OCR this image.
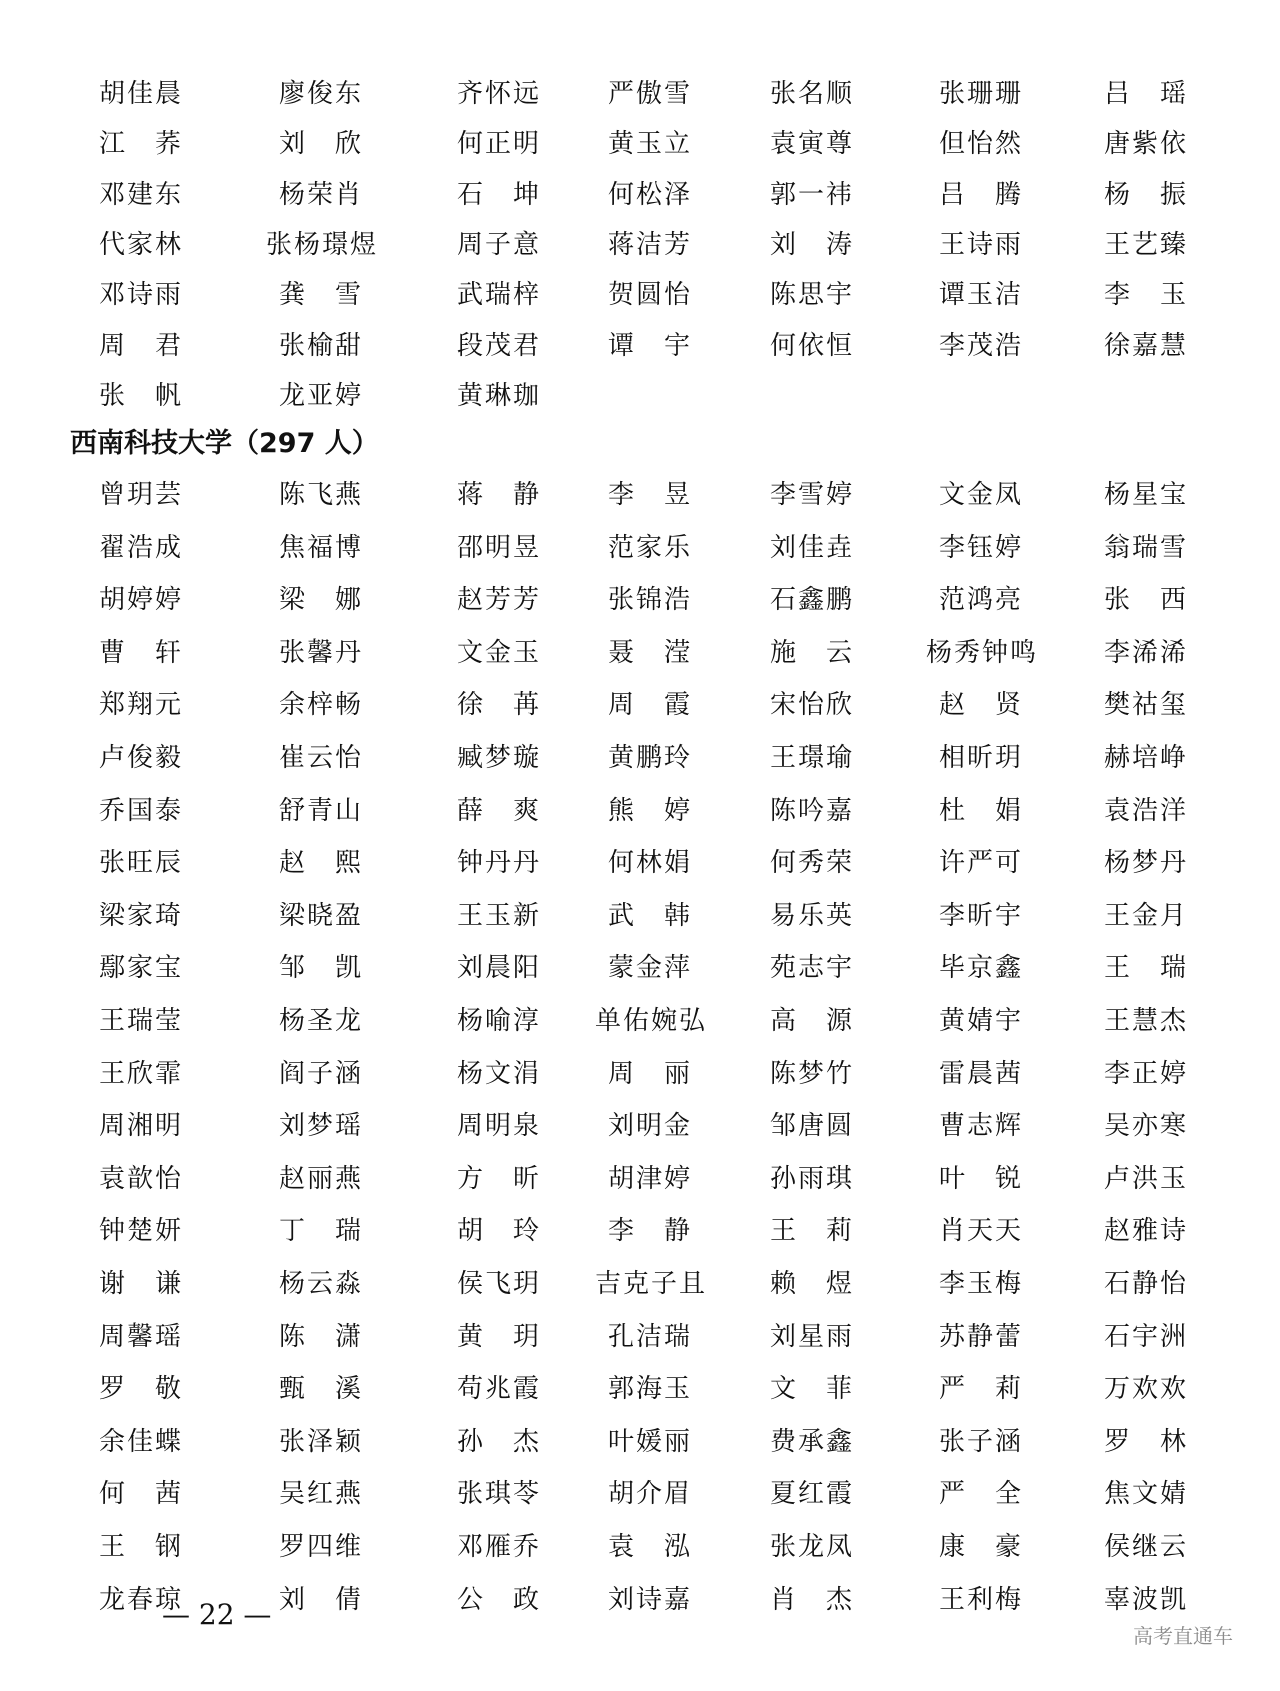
胡佳晨	廖俊东	齐怀远	严傲雪	张名顺	张珊珊	吕瑶
江荞	刘欣	何正明	黄玉立	袁寅尊	但怡然	唐紫依
邓建东	杨荣肖	石坤	何松泽	郭一祎	吕腾	杨振
代家林	张杨璟煜	周子意	蒋洁芳	刘涛	王诗雨	王艺臻
邓诗雨	龚雪	武瑞梓	贺圆怡	陈思宇	谭玉洁	李玉
周君	张榆甜	段茂君	谭宇	何依恒	李茂浩	徐嘉慧
张帆	龙亚婷	黄琳珈
曾玥芸	陈飞燕	蒋静	李昱	李雪婷	文金凤	杨星宝
翟浩成	焦福博	邵明昱	范家乐	刘佳垚	李钰婷	翁瑞雪
胡婷婷	梁娜	赵芳芳	张锦浩	石鑫鹏	范鸿亮	张西
曹轩	张馨丹	文金玉	聂滢	施云	杨秀钟鸣	李浠浠
郑翔元	余梓畅	徐苒	周霞	宋怡欣	赵贤	樊祜玺
卢俊毅	崔云怡	臧梦璇	黄鹏玲	王璟瑜	相昕玥	赫培峥
乔国泰	舒青山	薛爽	熊婷	陈吟嘉	杜娟	袁浩洋
张旺辰	赵熙	钟丹丹	何林娟	何秀荣	许严可	杨梦丹
梁家琦	梁晓盈	王玉新	武韩	易乐英	李昕宇	王金月
鄢家宝	邹凯	刘晨阳	蒙金萍	苑志宇	毕京鑫	王瑞
王瑞莹	杨圣龙	杨喻淳 单佑婉弘	高源	黄婧宇	王慧杰
王欣霏	阎子涵	杨文涓	周丽	陈梦竹	雷晨茜	李正婷
周湘明	刘梦瑶	周明泉	刘明金	邹唐圆	曹志辉	吴亦寒
袁歆怡	赵丽燕	方昕	胡津婷	孙雨琪	叶锐	卢洪玉
钟楚妍	丁瑞	胡玲	李静	王莉	肖天天	赵雅诗
谢谦	杨云淼	侯飞玥 吉克子且	赖煜	李玉梅	石静怡
周馨瑶	陈潇	黄玥	孔洁瑞	刘星雨	苏静蕾	石宇洲
罗敬	甄溪	苟兆霞	郭海玉	文菲	严莉	万欢欢
余佳蝶	张泽颖	孙杰	叶媛丽	费承鑫	张子涵	罗林
何茜	吴红燕	张琪苓	胡介眉	夏红霞	严全	焦文婧
王钢	罗四维	邓雁乔	袁泓	张龙凤	康豪	侯继云
龙春琼	刘倩	公政	刘诗嘉	肖杰	王利梅	辜波凯
西南科技大学（297 人）
— 22 —
高考直通车
